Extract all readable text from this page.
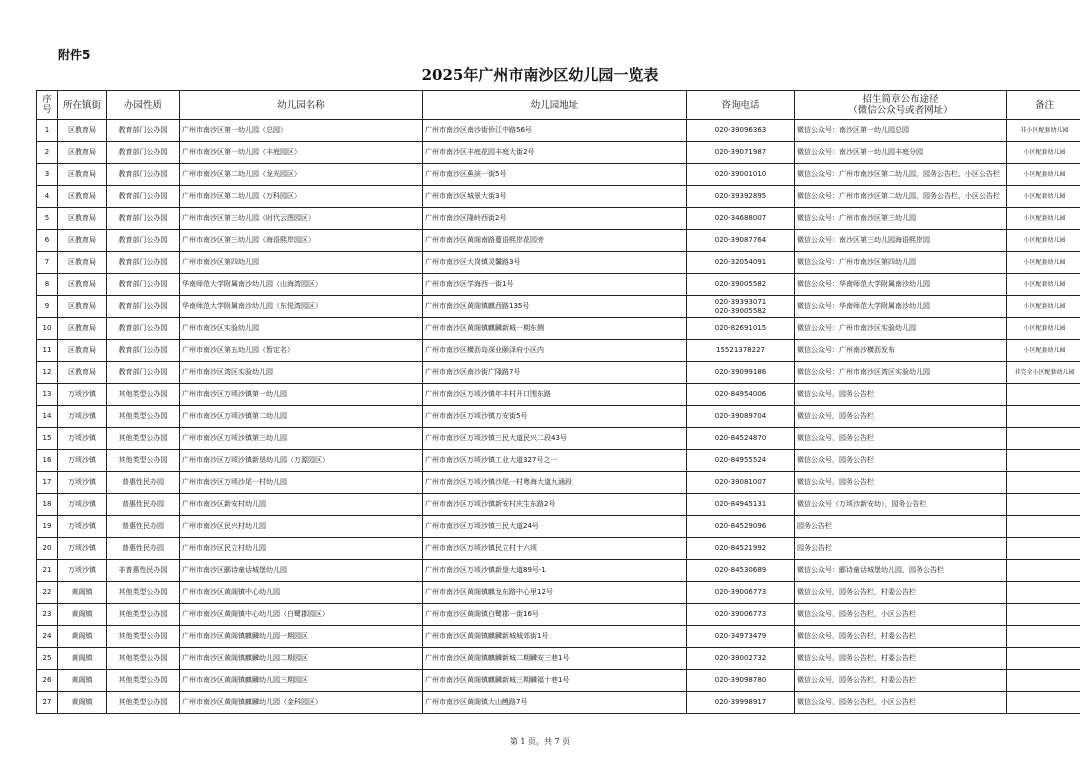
附件5
2025年广州市南沙区幼儿园一览表
序号	所在镇街	办园性质	幼儿园名称	幼儿园地址	咨询电话	招生简章公布途径
（微信公众号或者网址）	备注
1	区教育局	教育部门公办园	广州市南沙区第一幼儿园（总园）	广州市南沙区南沙街侨江中路56号	020-39096363	微信公众号：南沙区第一幼儿园总园	非小区配套幼儿园
2	区教育局	教育部门公办园	广州市南沙区第一幼儿园（丰庭园区）	广州市南沙区丰庭花园丰庭大街2号	020-39071987	微信公众号：南沙区第一幼儿园丰庭分园	小区配套幼儿园
3	区教育局	教育部门公办园	广州市南沙区第二幼儿园（龙光园区）	广州市南沙区蕉滨一街5号	020-39001010	微信公众号：广州市南沙区第二幼儿园，园务公告栏，小区公告栏	小区配套幼儿园
4	区教育局	教育部门公办园	广州市南沙区第二幼儿园（万科园区）	广州市南沙区城景大街3号	020-39392895	微信公众号：广州市南沙区第二幼儿园，园务公告栏，小区公告栏	小区配套幼儿园
5	区教育局	教育部门公办园	广州市南沙区第三幼儿园（时代云图园区）	广州市南沙区隆岭西街2号	020-34688007	微信公众号：广州市南沙区第三幼儿园	小区配套幼儿园
6	区教育局	教育部门公办园	广州市南沙区第三幼儿园（海语熙岸园区）	广州市南沙区黄阁南路蔓语熙岸花园旁	020-39087764	微信公众号：南沙区第三幼儿园海语熙岸园	小区配套幼儿园
7	区教育局	教育部门公办园	广州市南沙区第四幼儿园	广州市南沙区大岗镇灵馨路3号	020-32054091	微信公众号：广州市南沙区第四幼儿园	小区配套幼儿园
8	区教育局	教育部门公办园	华南师范大学附属南沙幼儿园（山海湾园区）	广州市南沙区学海西一街1号	020-39005582	微信公众号：华南师范大学附属南沙幼儿园	小区配套幼儿园
9	区教育局	教育部门公办园	华南师范大学附属南沙幼儿园（东悦湾园区）	广州市南沙区黄阁镇麒西路135号	020-39393071
020-39005582	微信公众号：华南师范大学附属南沙幼儿园	小区配套幼儿园
10	区教育局	教育部门公办园	广州市南沙区实验幼儿园	广州市南沙区黄阁镇麒麟新城一期东侧	020-82691015	微信公众号：广州市南沙区实验幼儿园	小区配套幼儿园
11	区教育局	教育部门公办园	广州市南沙区第五幼儿园（暂定名）	广州市南沙区横沥岛深业颐泽府小区内	15521378227	微信公众号：广州南沙横沥发布	小区配套幼儿园
12	区教育局	教育部门公办园	广州市南沙区湾区实验幼儿园	广州市南沙区南沙街广隆路7号	020-39099186	微信公众号：广州市南沙区湾区实验幼儿园	非完全小区配套幼儿园
13	万顷沙镇	其他类型公办园	广州市南沙区万顷沙镇第一幼儿园	广州市南沙区万顷沙镇年丰村开口围东路	020-84954006	微信公众号，园务公告栏	
14	万顷沙镇	其他类型公办园	广州市南沙区万顷沙镇第二幼儿园	广州市南沙区万顷沙镇万安街5号	020-39089704	微信公众号，园务公告栏	
15	万顷沙镇	其他类型公办园	广州市南沙区万顷沙镇第三幼儿园	广州市南沙区万顷沙镇三民大道民兴二段43号	020-84524870	微信公众号，园务公告栏	
16	万顷沙镇	其他类型公办园	广州市南沙区万顷沙镇新垦幼儿园（万源园区）	广州市南沙区万顷沙镇工业大道327号之一	020-84955524	微信公众号，园务公告栏	
17	万顷沙镇	普惠性民办园	广州市南沙区万顷沙尾一村幼儿园	广州市南沙区万顷沙镇沙尾一村粤海大道九涌段	020-39081007	微信公众号，园务公告栏	
18	万顷沙镇	普惠性民办园	广州市南沙区新安村幼儿园	广州市南沙区万顷沙镇新安村庆生东路2号	020-84945131	微信公众号（万顷沙新安幼），园务公告栏	
19	万顷沙镇	普惠性民办园	广州市南沙区民兴村幼儿园	广州市南沙区万顷沙镇三民大道24号	020-84529096	园务公告栏	
20	万顷沙镇	普惠性民办园	广州市南沙区民立村幼儿园	广州市南沙区万顷沙镇民立村十六顷	020-84521992	园务公告栏	
21	万顷沙镇	非普惠性民办园	广州市南沙区郦诗童话城堡幼儿园	广州市南沙区万顷沙镇新垦大道89号-1	020-84530689	微信公众号：郦诗童话城堡幼儿园，园务公告栏	
22	黄阁镇	其他类型公办园	广州市南沙区黄阁镇中心幼儿园	广州市南沙区黄阁镇麒龙东路中心里12号	020-39006773	微信公众号，园务公告栏，村委公告栏	
23	黄阁镇	其他类型公办园	广州市南沙区黄阁镇中心幼儿园（白鹭郡园区）	广州市南沙区黄阁镇白鹭郡一街16号	020-39006773	微信公众号，园务公告栏，小区公告栏	
24	黄阁镇	其他类型公办园	广州市南沙区黄阁镇麒麟幼儿园一期园区	广州市南沙区黄阁镇麒麟新城城郊街1号	020-34973479	微信公众号，园务公告栏，村委公告栏	
25	黄阁镇	其他类型公办园	广州市南沙区黄阁镇麒麟幼儿园二期园区	广州市南沙区黄阁镇麒麟新城二期麟安三巷1号	020-39002732	微信公众号，园务公告栏，村委公告栏	
26	黄阁镇	其他类型公办园	广州市南沙区黄阁镇麒麟幼儿园三期园区	广州市南沙区黄阁镇麒麟新城三期麟福十巷1号	020-39098780	微信公众号，园务公告栏，村委公告栏	
27	黄阁镇	其他类型公办园	广州市南沙区黄阁镇麒麟幼儿园（金科园区）	广州市南沙区黄阁镇大山乸路7号	020-39998917	微信公众号，园务公告栏，小区公告栏	
第 1 页，共 7 页
